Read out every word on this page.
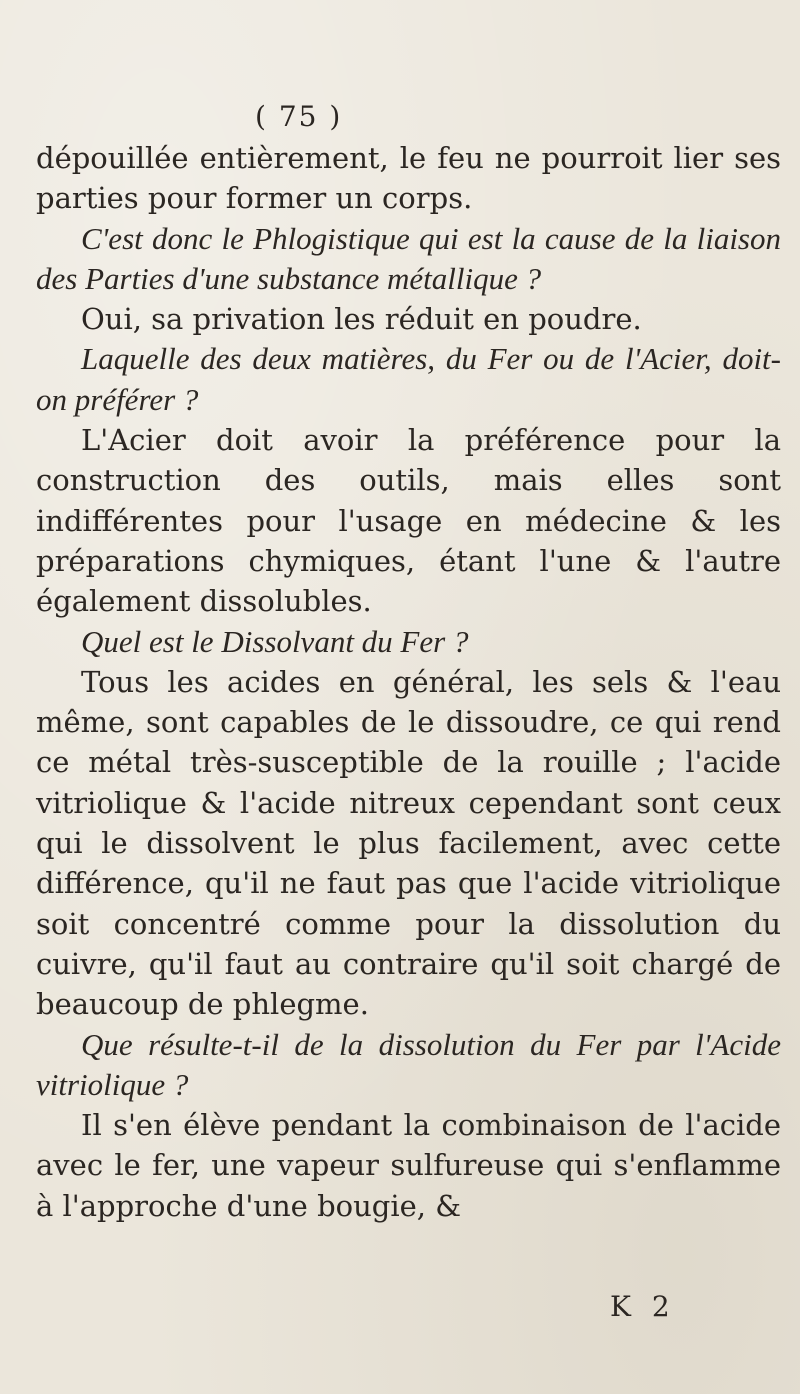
( 75 )

dépouillée entièrement, le feu ne pourroit lier ses parties pour former un corps.

C'est donc le Phlogistique qui est la cause de la liaison des Parties d'une substance métallique ?

Oui, sa privation les réduit en poudre.

Laquelle des deux matières, du Fer ou de l'Acier, doit-on préférer ?

L'Acier doit avoir la préférence pour la construction des outils, mais elles sont indifférentes pour l'usage en médecine & les préparations chymiques, étant l'une & l'autre également dissolubles.

Quel est le Dissolvant du Fer ?

Tous les acides en général, les sels & l'eau même, sont capables de le dissoudre, ce qui rend ce métal très-susceptible de la rouille ; l'acide vitriolique & l'acide nitreux cependant sont ceux qui le dissolvent le plus facilement, avec cette différence, qu'il ne faut pas que l'acide vitriolique soit concentré comme pour la dissolution du cuivre, qu'il faut au contraire qu'il soit chargé de beaucoup de phlegme.

Que résulte-t-il de la dissolution du Fer par l'Acide vitriolique ?

Il s'en élève pendant la combinaison de l'acide avec le fer, une vapeur sulfureuse qui s'enflamme à l'approche d'une bougie, &

K 2
